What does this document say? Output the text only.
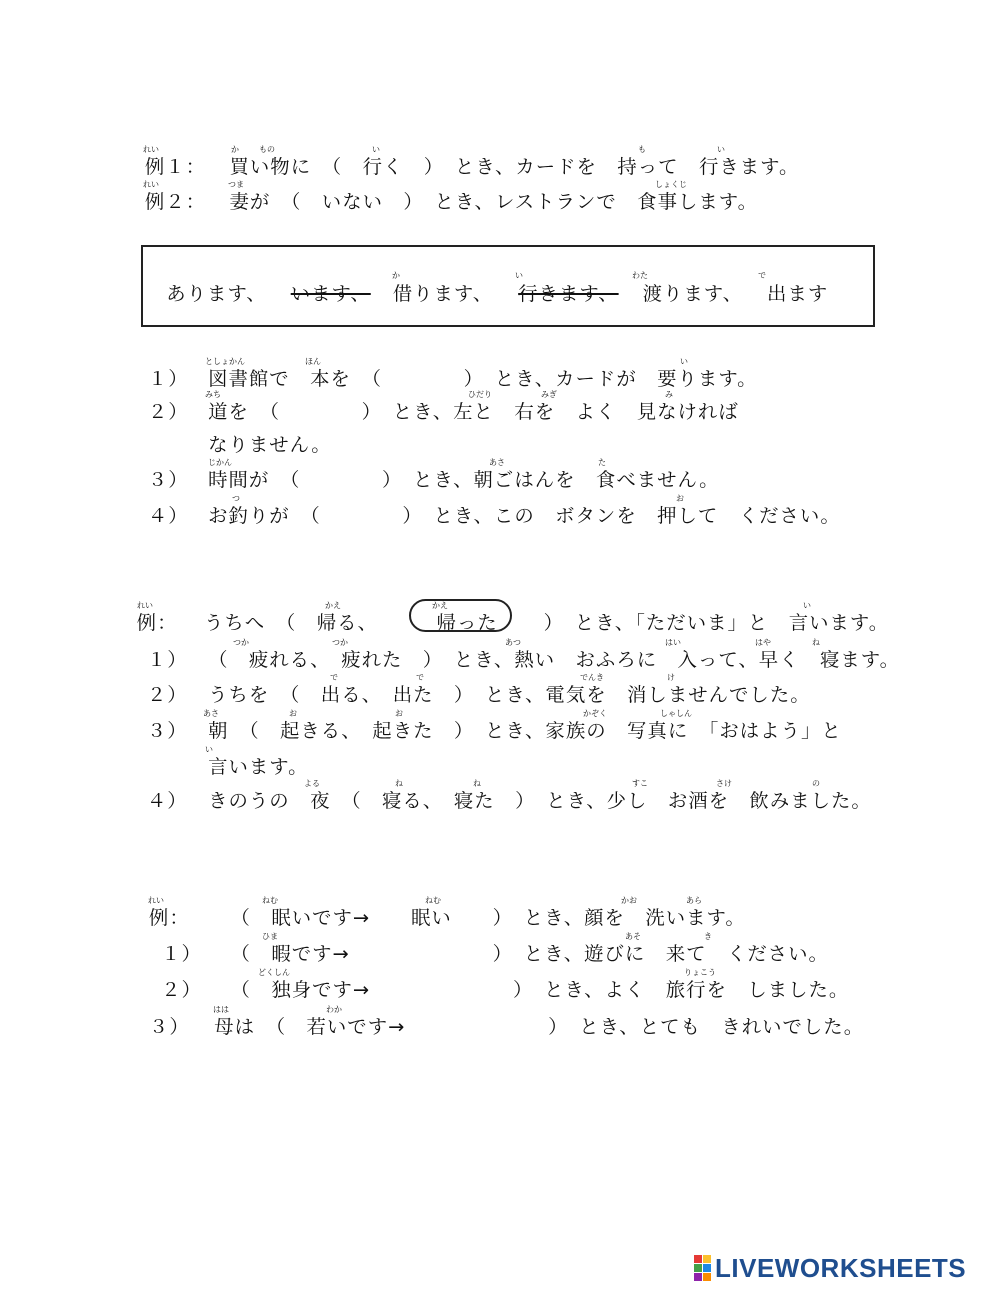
例１： 買い物に　（　行く　）　とき、カードを　持って　行きます。
例２： 妻が　（　いない　）　とき、レストランで　食事します。
れい	か	もの	い	も	い
れい	つま	しょくじ
あります、 います、 借ります、 行きます、 渡ります、 出ます
か	い	わた	で
１） 図書館で　本を　（　　　　）　とき、カードが　要ります。
２） 道を　（　　　　）　とき、左と　右を　よく　見なければ
なりません。
３） 時間が　（　　　　）　とき、朝ごはんを　食べません。
４） お釣りが　（　　　　）　とき、この　ボタンを　押して　ください。
としょかん	ほん	い
みち	ひだり	みぎ	み
じかん	あさ	た
つ	お
例： うちへ　（　帰る、	帰った ）　とき、「ただいま」と　言います。
れい	かえ	かえ	い
１） （　疲れる、　疲れた　）　とき、熱い　おふろに　入って、早く　寝ます。
２） うちを　（　出る、　出た　）　とき、電気を　消しませんでした。
３） 朝　（　起きる、　起きた　）　とき、家族の　写真に　「おはよう」と
言います。
４） きのうの　夜　（　寝る、　寝た　）　とき、少し　お酒を　飲みました。
つか	つか	あつ	はい	はや	ね
で	で	でんき	け
あさ	お	お	かぞく	しゃしん
い
よる	ね	ね	すこ	さけ	の
例： （　眠いです→　　眠い　　）　とき、顔を　洗います。
れい	ねむ	ねむ	かお	あら
１） （　暇です→　　　　　　　）　とき、遊びに　来て　ください。
２） （　独身です→　　　　　　　）　とき、よく　旅行を　しました。
３） 母は　（　若いです→　　　　　　　）　とき、とても　きれいでした。
ひま	あそ	き
どくしん	りょこう
はは	わか
LIVEWORKSHEETS
